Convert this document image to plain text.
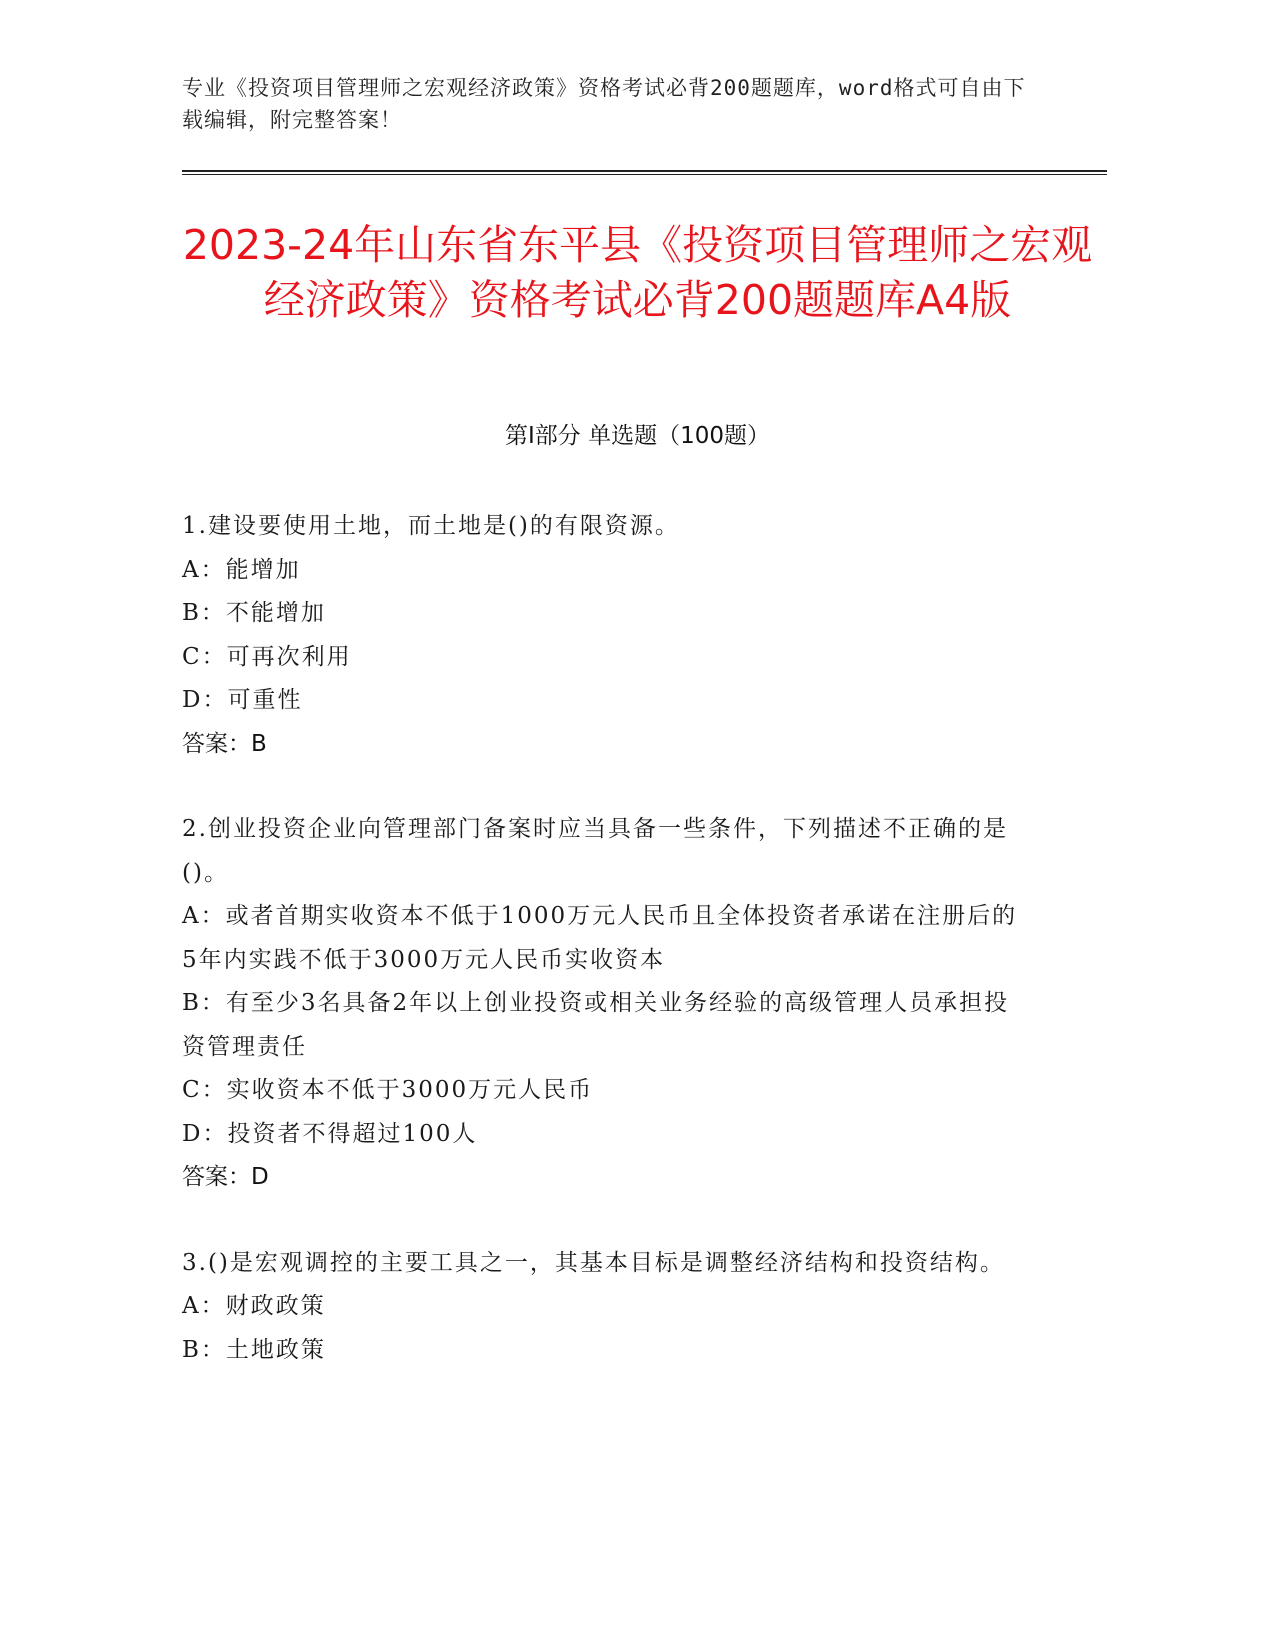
专业《投资项目管理师之宏观经济政策》资格考试必背200题题库，word格式可自由下载编辑，附完整答案！
2023-24年山东省东平县《投资项目管理师之宏观经济政策》资格考试必背200题题库A4版
第I部分 单选题（100题）

1.建设要使用土地，而土地是()的有限资源。

A：能增加

B：不能增加

C：可再次利用

D：可重性

答案：B

2.创业投资企业向管理部门备案时应当具备一些条件，下列描述不正确的是()。

A：或者首期实收资本不低于1000万元人民币且全体投资者承诺在注册后的5年内实践不低于3000万元人民币实收资本

B：有至少3名具备2年以上创业投资或相关业务经验的高级管理人员承担投资管理责任

C：实收资本不低于3000万元人民币

D：投资者不得超过100人

答案：D

3.()是宏观调控的主要工具之一，其基本目标是调整经济结构和投资结构。

A：财政政策

B：土地政策
